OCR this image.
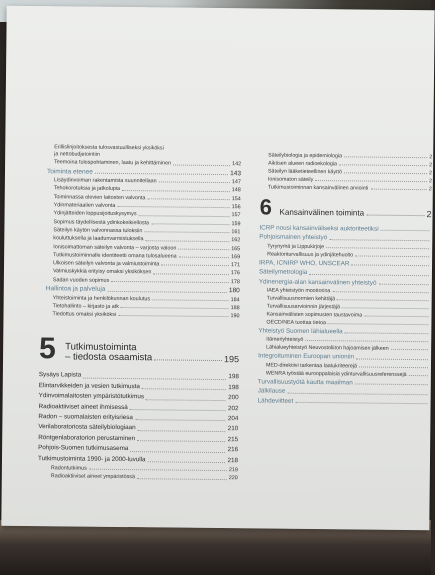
Erillislinjoitoksesta tulosvastuulliseksi yksiköksi
ja nettobudjetointiin
Teemoina tulospohtaminen, laatu ja kehittäminen	142
Toiminta etenee	143
Lisäydinvoiman rakentamista suunnitellaan	147
Tehokorotuksia ja jatkolupia	148
Toiminnassa olevien laitosten valvonta	154
Ydinmateriaalien valvonta	156
Ydinjätteiden loppusijoituskysymys	157
Sopimus täydellisestä ydinkokeikiellosta	159
Säteilyn käytön valvonnassa tuloksiin	161
kouluttuksella ja laadunvarmistuksella	162
Ionisoimattoman säteilyn valvonta – varjosta valoon	165
Tutkimustoiminnalle identiteetti omana tulosalueena	169
Ulkoisen säteilyn valvonta ja valmiustoiminta	171
Valmiuskykkiä erityisy omaksi yksiköksen	176
Sadan vuoden sopimus	178
Hallintoa ja palveluja	180
Yhteistoiminta ja henkilökunnan koulutus	184
Tietohallinto – kirjasto ja atk	188
Tiedottus omaksi yksiköksi	190
5 Tutkimustoiminta
– tiedosta osaamista	195
Sysäys Lapista	198
Elintarvikkeiden ja vesien tutkimusta	198
Ydinvoimalaitosten ympäristötutkimus	200
Radioaktiiviset aineet ihmisessä	202
Radon – suomalaisten erityisriesa	204
Verilaboratoriosta säteilybiologiaan	210
Röntgenlaboratorion perustaminen	215
Pohjois-Suomen tutkimusasema	216
Tutkimustoiminta 1990- ja 2000-luvulla	218
Radontutkimus	219
Radioaktiiviset aineet ympäristössä	220
Säteilybiologia ja epidemiologia	2
Aiktisen alueen radioekologia	2
Säteilyn lääketieteellinen käyttö	2
Ionisomaton säteily	2
Tutkimustoiminnan kansainvälinen arviointi	2
6 Kansainvälinen toiminta	2
ICRP nousi kansainväliseksi auktoriteetiksi
Pohjoismainen yhteistyö
Tyrynymä ja Lippukirjoje
Reaktoriturvallisuus ja ydinjätehuolto
IRPA, ICNIRP WHO, UNSCEAR
Säteilymetrologia
Ydinenergia-alan kansainvälinen yhteistyö
IAEA yhteistyön moottorina
Turvallisuusnormien kehittäjä
Turvallisuusarvioinnin järjestäjä
Kansainvälisten sopimusten taustavoima
OECD/NEA tuottaa tietoa
Yhteistyö Suomen lähialueella
Itämeriyhteistyö
Lähialueyhteistyö Neuvostoliiton hajoamisen jälkeen
Integroituminen Euroopan unioniin
MED-direktiivi tarkentaa laatukriteerejä
WENRA työstää eurooppalaisia ydinturvallisuusreferenssejä
Turvallisuustyötä kautta maailman
Jälkilause
Lähdeviitteet
